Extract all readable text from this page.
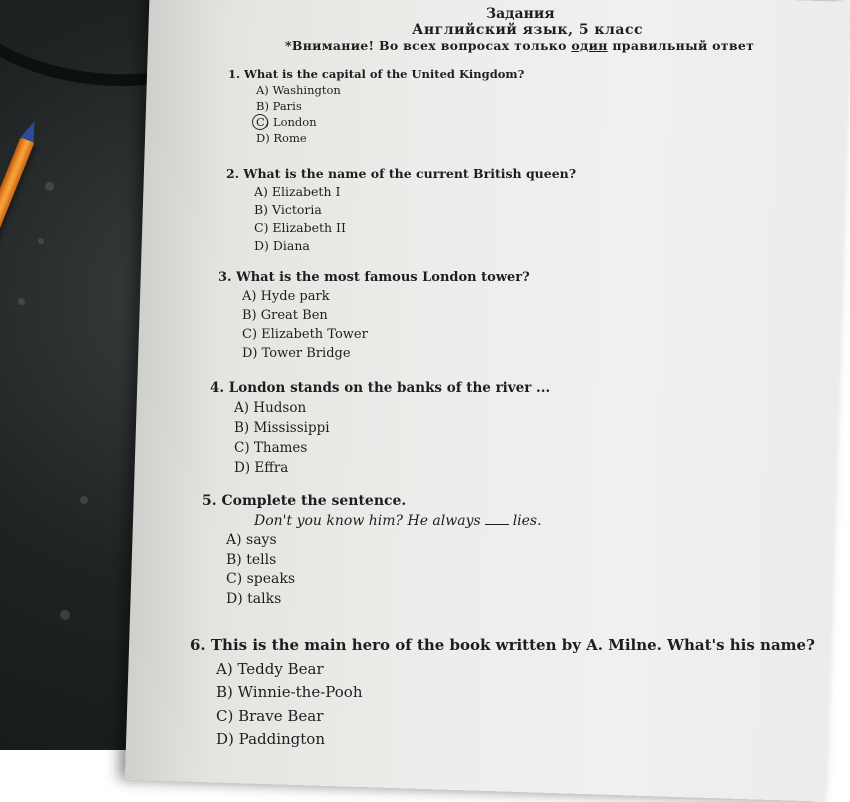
Задания
Английский язык, 5 класс
*Внимание! Во всех вопросах только один правильный ответ
1. What is the capital of the United Kingdom?
A) Washington
B) Paris
C) London
D) Rome
2. What is the name of the current British queen?
A) Elizabeth I
B) Victoria
C) Elizabeth II
D) Diana
3. What is the most famous London tower?
A) Hyde park
B) Great Ben
C) Elizabeth Tower
D) Tower Bridge
4. London stands on the banks of the river ...
A) Hudson
B) Mississippi
C) Thames
D) Effra
5. Complete the sentence.
Don't you know him? He always lies.
A) says
B) tells
C) speaks
D) talks
6. This is the main hero of the book written by A. Milne. What's his name?
A) Teddy Bear
B) Winnie-the-Pooh
C) Brave Bear
D) Paddington
